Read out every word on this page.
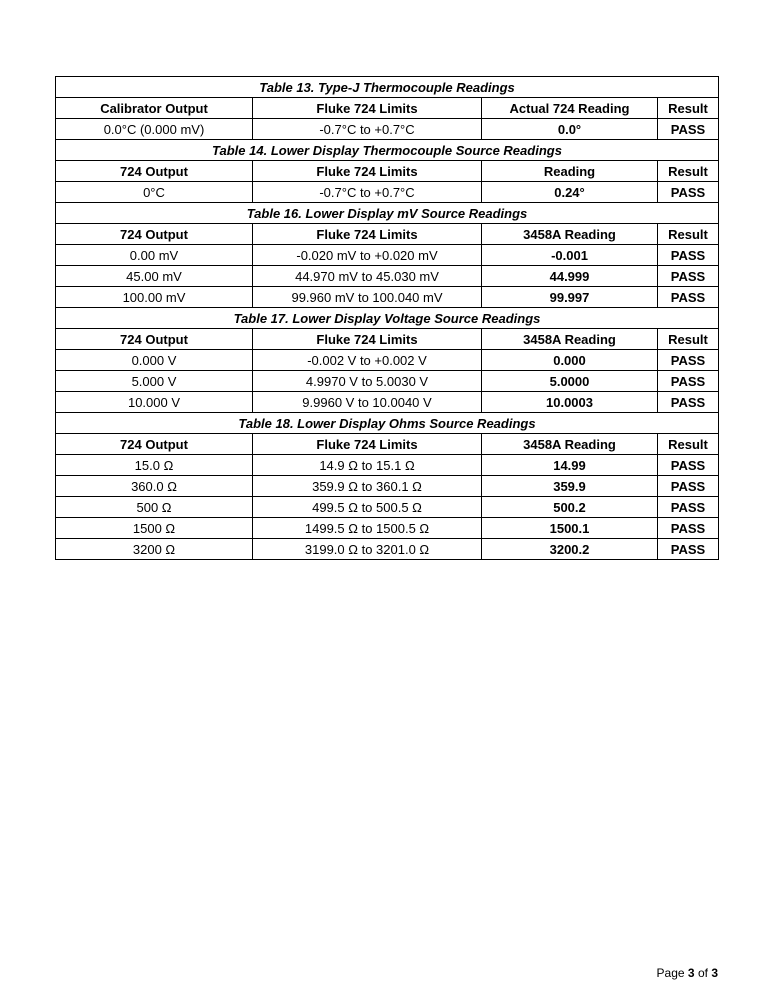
Table 13. Type-J Thermocouple Readings			
Calibrator Output	Fluke 724 Limits	Actual 724 Reading	Result
0.0°C (0.000 mV)	-0.7°C to +0.7°C	0.0°	PASS
Table 14. Lower Display Thermocouple Source Readings			
724 Output	Fluke 724 Limits	Reading	Result
0°C	-0.7°C to +0.7°C	0.24°	PASS
Table 16. Lower Display mV Source Readings			
724 Output	Fluke 724 Limits	3458A Reading	Result
0.00 mV	-0.020 mV to +0.020 mV	-0.001	PASS
45.00 mV	44.970 mV to 45.030 mV	44.999	PASS
100.00 mV	99.960 mV to 100.040 mV	99.997	PASS
Table 17. Lower Display Voltage Source Readings			
724 Output	Fluke 724 Limits	3458A Reading	Result
0.000 V	-0.002 V to +0.002 V	0.000	PASS
5.000 V	4.9970 V to 5.0030 V	5.0000	PASS
10.000 V	9.9960 V to 10.0040 V	10.0003	PASS
Table 18. Lower Display Ohms Source Readings			
724 Output	Fluke 724 Limits	3458A Reading	Result
15.0 Ω	14.9 Ω to 15.1 Ω	14.99	PASS
360.0 Ω	359.9 Ω to 360.1 Ω	359.9	PASS
500 Ω	499.5 Ω to 500.5 Ω	500.2	PASS
1500 Ω	1499.5 Ω to 1500.5 Ω	1500.1	PASS
3200 Ω	3199.0 Ω to 3201.0 Ω	3200.2	PASS
Page 3 of 3
